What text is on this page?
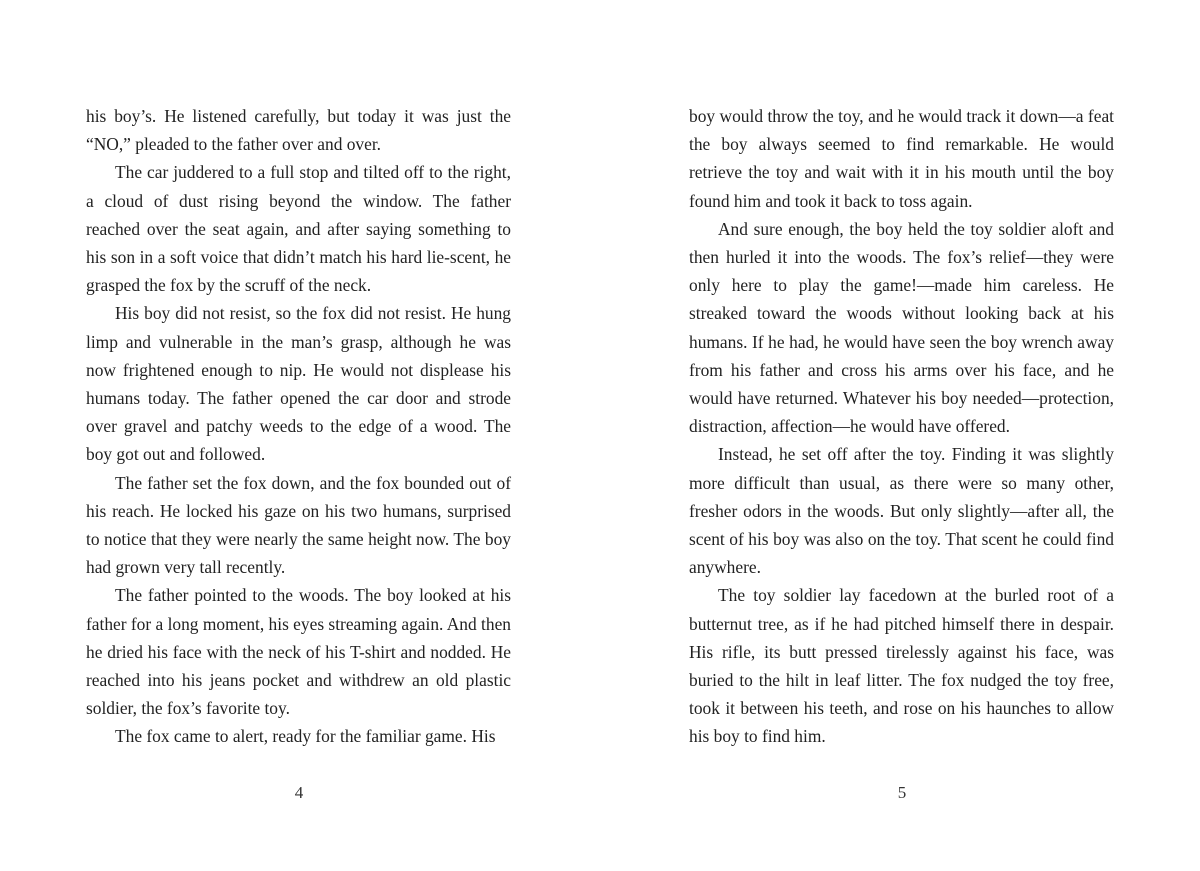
his boy’s. He listened carefully, but today it was just the “NO,” pleaded to the father over and over.

The car juddered to a full stop and tilted off to the right, a cloud of dust rising beyond the window. The father reached over the seat again, and after saying something to his son in a soft voice that didn’t match his hard lie-scent, he grasped the fox by the scruff of the neck.

His boy did not resist, so the fox did not resist. He hung limp and vulnerable in the man’s grasp, although he was now frightened enough to nip. He would not displease his humans today. The father opened the car door and strode over gravel and patchy weeds to the edge of a wood. The boy got out and followed.

The father set the fox down, and the fox bounded out of his reach. He locked his gaze on his two humans, surprised to notice that they were nearly the same height now. The boy had grown very tall recently.

The father pointed to the woods. The boy looked at his father for a long moment, his eyes streaming again. And then he dried his face with the neck of his T-shirt and nodded. He reached into his jeans pocket and withdrew an old plastic soldier, the fox’s favorite toy.

The fox came to alert, ready for the familiar game. His

4

boy would throw the toy, and he would track it down—a feat the boy always seemed to find remarkable. He would retrieve the toy and wait with it in his mouth until the boy found him and took it back to toss again.

And sure enough, the boy held the toy soldier aloft and then hurled it into the woods. The fox’s relief—they were only here to play the game!—made him careless. He streaked toward the woods without looking back at his humans. If he had, he would have seen the boy wrench away from his father and cross his arms over his face, and he would have returned. Whatever his boy needed—protection, distraction, affection—he would have offered.

Instead, he set off after the toy. Finding it was slightly more difficult than usual, as there were so many other, fresher odors in the woods. But only slightly—after all, the scent of his boy was also on the toy. That scent he could find anywhere.

The toy soldier lay facedown at the burled root of a butternut tree, as if he had pitched himself there in despair. His rifle, its butt pressed tirelessly against his face, was buried to the hilt in leaf litter. The fox nudged the toy free, took it between his teeth, and rose on his haunches to allow his boy to find him.

5
